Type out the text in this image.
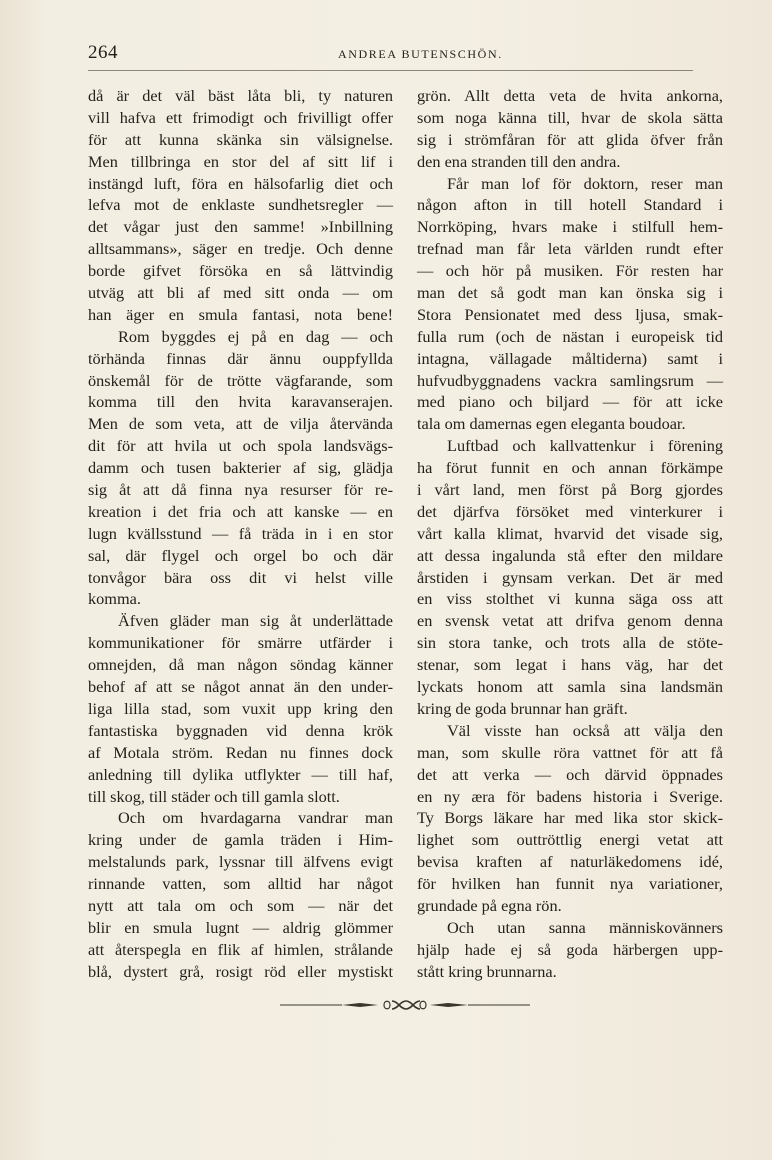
264	ANDREA BUTENSCHÖN.
då är det väl bäst låta bli, ty naturen
vill hafva ett frimodigt och frivilligt offer
för att kunna skänka sin välsignelse.
Men tillbringa en stor del af sitt lif i
instängd luft, föra en hälsofarlig diet och
lefva mot de enklaste sundhetsregler —
det vågar just den samme! »Inbillning
alltsammans», säger en tredje. Och denne
borde gifvet försöka en så lättvindig
utväg att bli af med sitt onda — om
han äger en smula fantasi, nota bene!
Rom byggdes ej på en dag — och
törhända finnas där ännu ouppfyllda
önskemål för de trötte vägfarande, som
komma till den hvita karavanserajen.
Men de som veta, att de vilja återvända
dit för att hvila ut och spola landsvägs-
damm och tusen bakterier af sig, glädja
sig åt att då finna nya resurser för re-
kreation i det fria och att kanske — en
lugn kvällsstund — få träda in i en stor
sal, där flygel och orgel bo och där
tonvågor bära oss dit vi helst ville
komma.
Äfven gläder man sig åt underlättade
kommunikationer för smärre utfärder i
omnejden, då man någon söndag känner
behof af att se något annat än den under-
liga lilla stad, som vuxit upp kring den
fantastiska byggnaden vid denna krök
af Motala ström. Redan nu finnes dock
anledning till dylika utflykter — till haf,
till skog, till städer och till gamla slott.
Och om hvardagarna vandrar man
kring under de gamla träden i Him-
melstalunds park, lyssnar till älfvens evigt
rinnande vatten, som alltid har något
nytt att tala om och som — när det
blir en smula lugnt — aldrig glömmer
att återspegla en flik af himlen, strålande
blå, dystert grå, rosigt röd eller mystiskt
grön. Allt detta veta de hvita ankorna,
som noga känna till, hvar de skola sätta
sig i strömfåran för att glida öfver från
den ena stranden till den andra.
Får man lof för doktorn, reser man
någon afton in till hotell Standard i
Norrköping, hvars make i stilfull hem-
trefnad man får leta världen rundt efter
— och hör på musiken. För resten har
man det så godt man kan önska sig i
Stora Pensionatet med dess ljusa, smak-
fulla rum (och de nästan i europeisk tid
intagna, vällagade måltiderna) samt i
hufvudbyggnadens vackra samlingsrum —
med piano och biljard — för att icke
tala om damernas egen eleganta boudoar.
Luftbad och kallvattenkur i förening
ha förut funnit en och annan förkämpe
i vårt land, men först på Borg gjordes
det djärfva försöket med vinterkurer i
vårt kalla klimat, hvarvid det visade sig,
att dessa ingalunda stå efter den mildare
årstiden i gynsam verkan. Det är med
en viss stolthet vi kunna säga oss att
en svensk vetat att drifva genom denna
sin stora tanke, och trots alla de stöte-
stenar, som legat i hans väg, har det
lyckats honom att samla sina landsmän
kring de goda brunnar han gräft.
Väl visste han också att välja den
man, som skulle röra vattnet för att få
det att verka — och därvid öppnades
en ny æra för badens historia i Sverige.
Ty Borgs läkare har med lika stor skick-
lighet som outtröttlig energi vetat att
bevisa kraften af naturläkedomens idé,
för hvilken han funnit nya variationer,
grundade på egna rön.
Och utan sanna människovänners
hjälp hade ej så goda härbergen upp-
stått kring brunnarna.
